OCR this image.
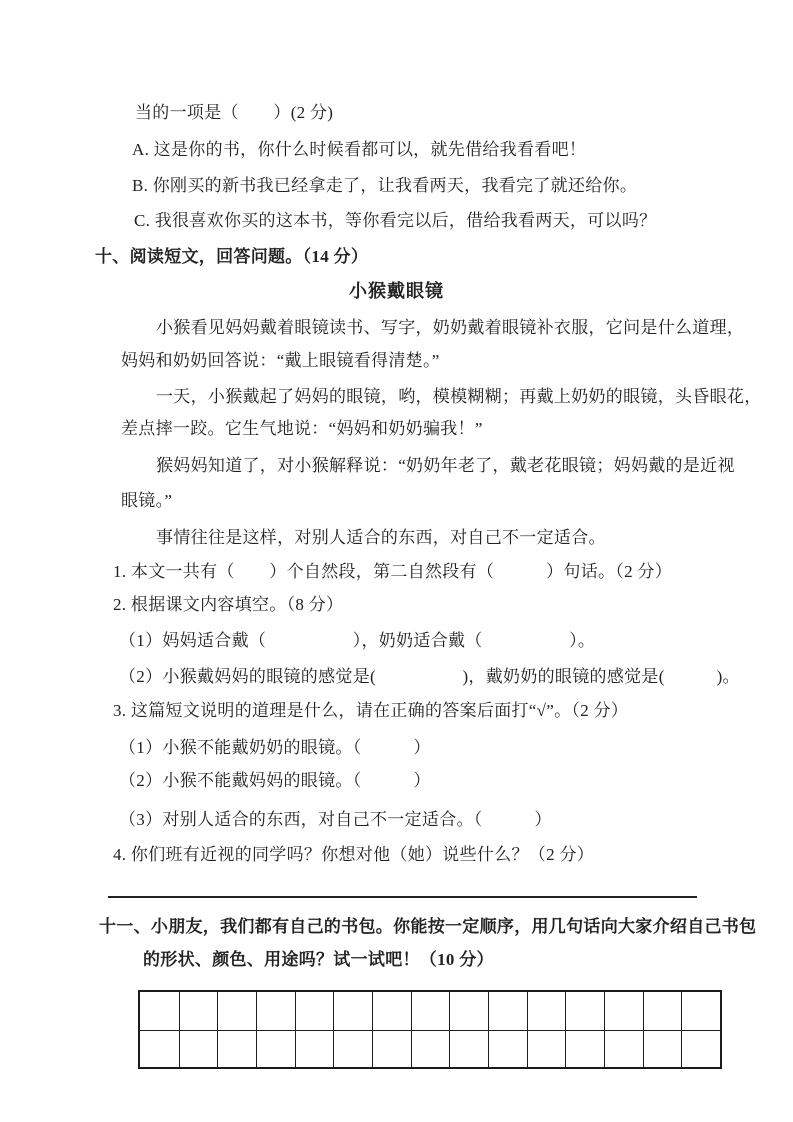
当的一项是（　　）(2 分)
A. 这是你的书，你什么时候看都可以，就先借给我看看吧！
B. 你刚买的新书我已经拿走了，让我看两天，我看完了就还给你。
C. 我很喜欢你买的这本书，等你看完以后，借给我看两天，可以吗？
十、阅读短文，回答问题。（14 分）
小猴戴眼镜
小猴看见妈妈戴着眼镜读书、写字，奶奶戴着眼镜补衣服，它问是什么道理，
妈妈和奶奶回答说：“戴上眼镜看得清楚。”
一天，小猴戴起了妈妈的眼镜，哟，模模糊糊；再戴上奶奶的眼镜，头昏眼花，
差点摔一跤。它生气地说：“妈妈和奶奶骗我！”
猴妈妈知道了，对小猴解释说：“奶奶年老了，戴老花眼镜；妈妈戴的是近视
眼镜。”
事情往往是这样，对别人适合的东西，对自己不一定适合。
1. 本文一共有（　　）个自然段，第二自然段有（　　　）句话。（2 分）
2. 根据课文内容填空。（8 分）
（1）妈妈适合戴（　　　　　），奶奶适合戴（　　　　　）。
（2）小猴戴妈妈的眼镜的感觉是(　　　　　)，戴奶奶的眼镜的感觉是(　　　)。
3. 这篇短文说明的道理是什么，请在正确的答案后面打“√”。（2 分）
（1）小猴不能戴奶奶的眼镜。（　　　）
（2）小猴不能戴妈妈的眼镜。（　　　）
（3）对别人适合的东西，对自己不一定适合。（　　　）
4. 你们班有近视的同学吗？你想对他（她）说些什么？（2 分）
十一、小朋友，我们都有自己的书包。你能按一定顺序，用几句话向大家介绍自己书包
的形状、颜色、用途吗？试一试吧！（10 分）
